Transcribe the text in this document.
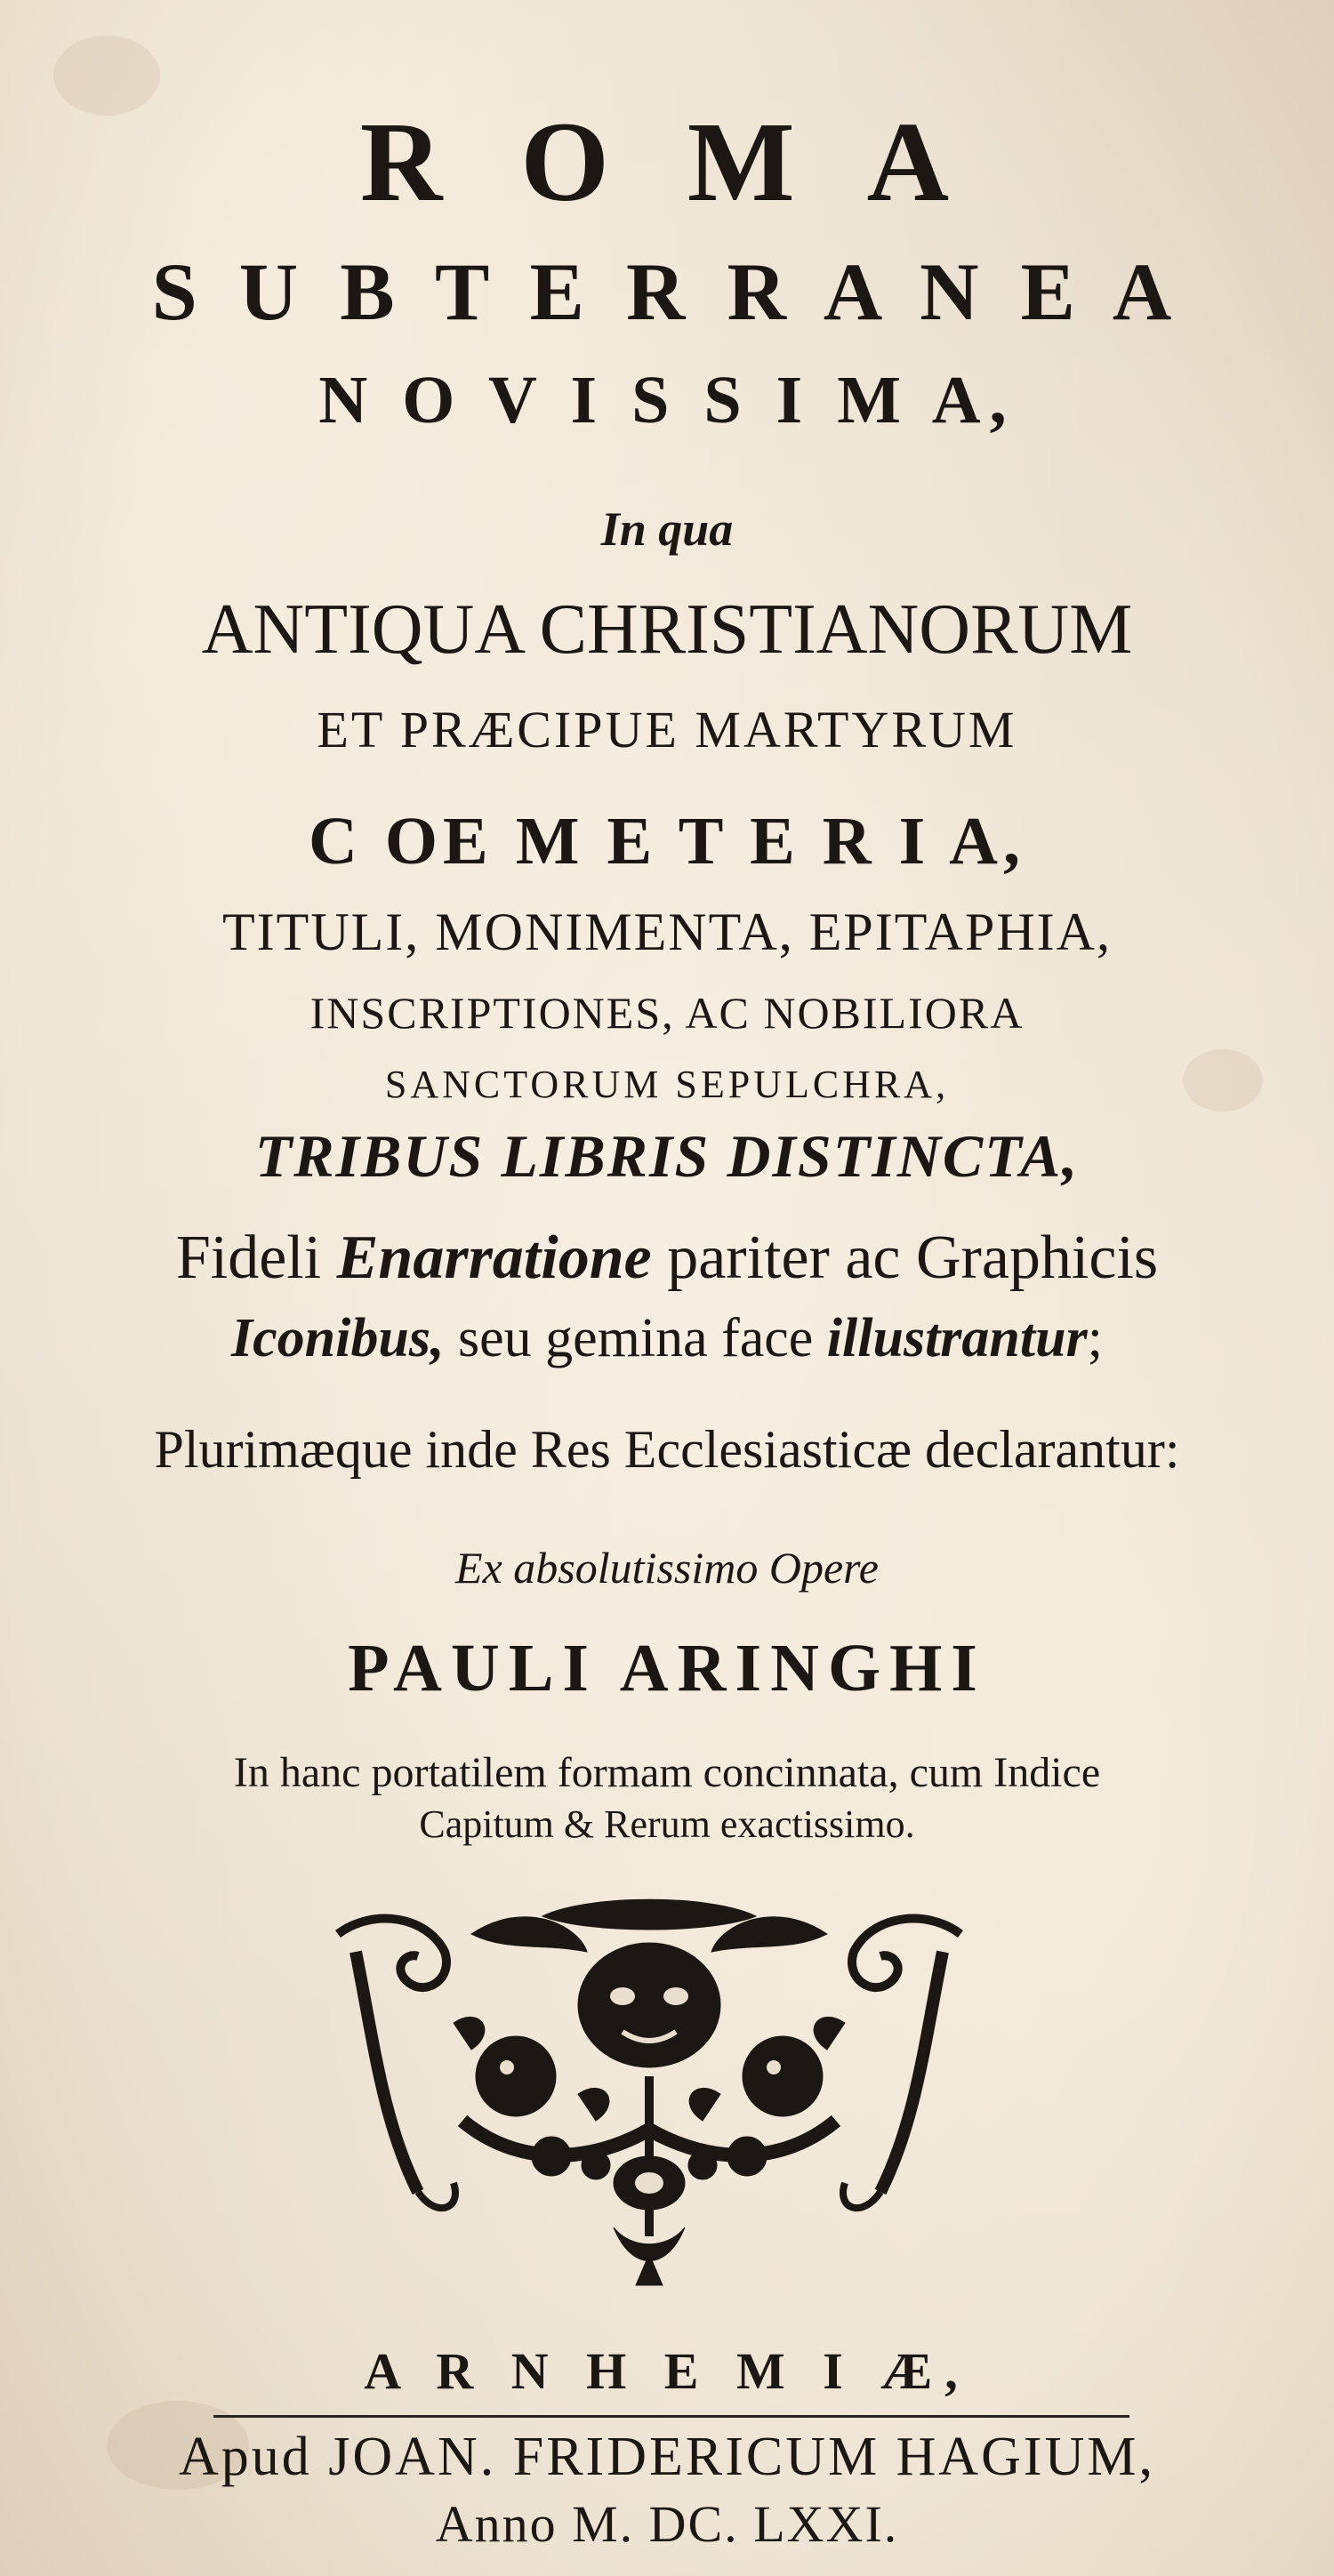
R O M A
S U B T E R R A N E A
N O V I S S I M A,
In qua
ANTIQUA CHRISTIANORUM
ET PRÆCIPUE MARTYRUM
C OE M E T E R I A,
TITULI, MONIMENTA, EPITAPHIA,
INSCRIPTIONES, AC NOBILIORA
SANCTORUM SEPULCHRA,
TRIBUS LIBRIS DISTINCTA,
Fideli Enarratione pariter ac Graphicis
Iconibus, seu gemina face illustrantur;
Plurimæque inde Res Ecclesiasticæ declarantur:
Ex absolutissimo Opere
PAULI ARINGHI
In hanc portatilem formam concinnata, cum Indice
Capitum & Rerum exactissimo.
A R N H E M I Æ,
Apud JOAN. FRIDERICUM HAGIUM,
Anno M. DC. LXXI.
